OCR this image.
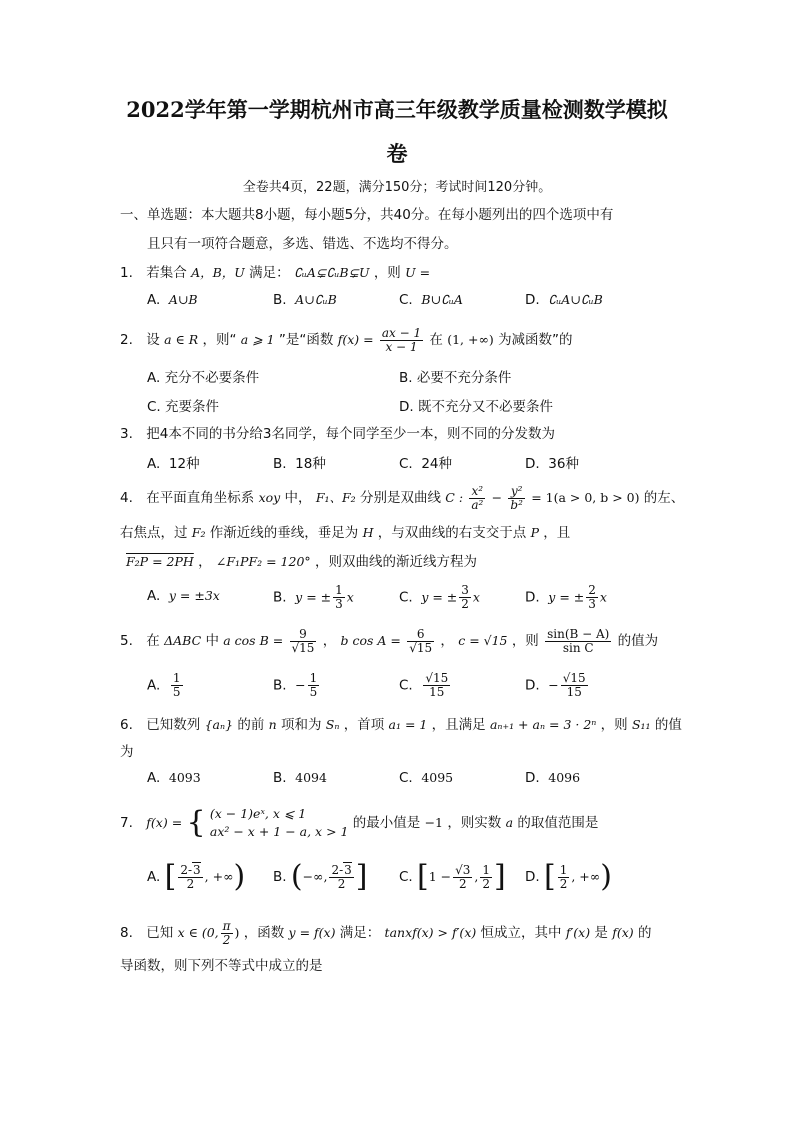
2022学年第一学期杭州市高三年级教学质量检测数学模拟
卷
全卷共4页，22题，满分150分；考试时间120分钟。
一、单选题：本大题共8小题，每小题5分，共40分。在每小题列出的四个选项中有
且只有一项符合题意，多选、错选、不选均不得分。
1. 若集合 A，B，U 满足： ∁ᵤA⊊∁ᵤB⊊U ，则 U =
A. A∪B	B. A∪∁ᵤB	C. B∪∁ᵤA	D. ∁ᵤA∪∁ᵤB
2. 设 a ∈ R ，则“ a ⩾ 1 ”是“函数 $f(x) = \frac{ax - 1}{x - 1}$ 在 (1, +∞) 为减函数”的
A. 充分不必要条件	B. 必要不充分条件
C. 充要条件	D. 既不充分又不必要条件
3. 把4本不同的书分给3名同学，每个同学至少一本，则不同的分发数为
A. 12种	B. 18种	C. 24种	D. 36种
4. 在平面直角坐标系 xoy 中， F₁、F₂ 分别是双曲线 C : $\frac{\text{x²}}{\text{a²}} - \frac{\text{y²}}{\text{b²}} = 1(a > 0$, b > 0) 的左、
右焦点，过 F₂ 作渐近线的垂线，垂足为 H ，与双曲线的右支交于点 P ，且
F₂P = 2PH ， ∠F₁PF₂ = 120° ，则双曲线的渐近线方程为
A. y = ±3x	B. y = ± $\frac{1}{3}$ x	C. y = ± $\frac{3}{2}$ x	D. y = ± $\frac{2}{3}$ x
5. 在 ΔABC 中 a $\cos B = \frac{9}{√15}$ ， b $\cos A = \frac{6}{√15}$ ， c = √15 ，则 $\frac{\sin(B - A)}{\text{sin C}}$ 的值为
A. $\frac{1}{5}$	B. − $\frac{1}{5}$	C. $\frac{√15}{15}$	D. − $\frac{√15}{15}$
6. 已知数列 {aₙ} 的前 n 项和为 Sₙ ，首项 a₁ = 1 ，且满足 aₙ₊₁ + aₙ = 3 · 2ⁿ ，则 S₁₁ 的值
为
A. 4093	B. 4094	C. 4095	D. 4096
7. f(x) = { (x − 1)eˣ, x ⩽ 1
ax² − x + 1 − a, x > 1
的最小值是 −1 ，则实数 a 的取值范围是
A. [ $\frac{2-3}{2}$ , +∞) B. (−∞, $\frac{2-3}{2}$ ] C. [$1 - \frac{√3}{2}$ , $\frac{1}{2}$ ] D. [ $\frac{1}{2}$ , +∞)
8. 已知 x ∈ (0, $\frac{\pi}{2}$ ) ，函数 y = f(x) 满足： tanxf(x) > f′(x) 恒成立，其中 f′(x) 是 f(x) 的
导函数，则下列不等式中成立的是
